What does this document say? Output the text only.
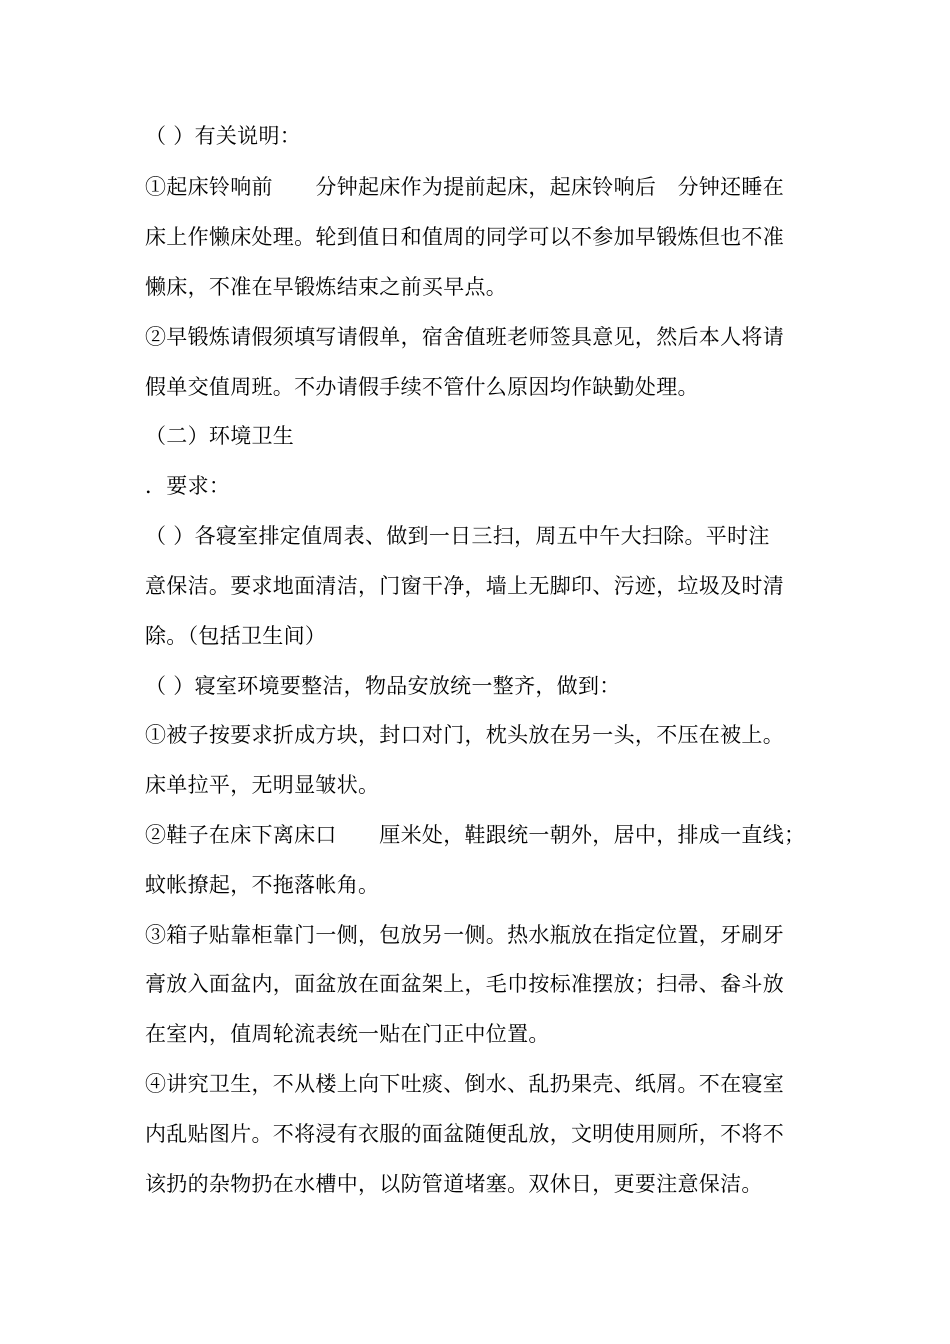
（ ）有关说明：
①起床铃响前　　分钟起床作为提前起床，起床铃响后　分钟还睡在
床上作懒床处理。轮到值日和值周的同学可以不参加早锻炼但也不准
懒床，不准在早锻炼结束之前买早点。
②早锻炼请假须填写请假单，宿舍值班老师签具意见，然后本人将请
假单交值周班。不办请假手续不管什么原因均作缺勤处理。
（二）环境卫生
．要求：
（ ）各寝室排定值周表、做到一日三扫，周五中午大扫除。平时注
意保洁。要求地面清洁，门窗干净，墙上无脚印、污迹，垃圾及时清
除。（包括卫生间）
（ ）寝室环境要整洁，物品安放统一整齐，做到：
①被子按要求折成方块，封口对门，枕头放在另一头，不压在被上。
床单拉平，无明显皱状。
②鞋子在床下离床口　　厘米处，鞋跟统一朝外，居中，排成一直线；
蚊帐撩起，不拖落帐角。
③箱子贴靠柜靠门一侧，包放另一侧。热水瓶放在指定位置，牙刷牙
膏放入面盆内，面盆放在面盆架上，毛巾按标准摆放；扫帚、畚斗放
在室内，值周轮流表统一贴在门正中位置。
④讲究卫生，不从楼上向下吐痰、倒水、乱扔果壳、纸屑。不在寝室
内乱贴图片。不将浸有衣服的面盆随便乱放，文明使用厕所，不将不
该扔的杂物扔在水槽中，以防管道堵塞。双休日，更要注意保洁。
